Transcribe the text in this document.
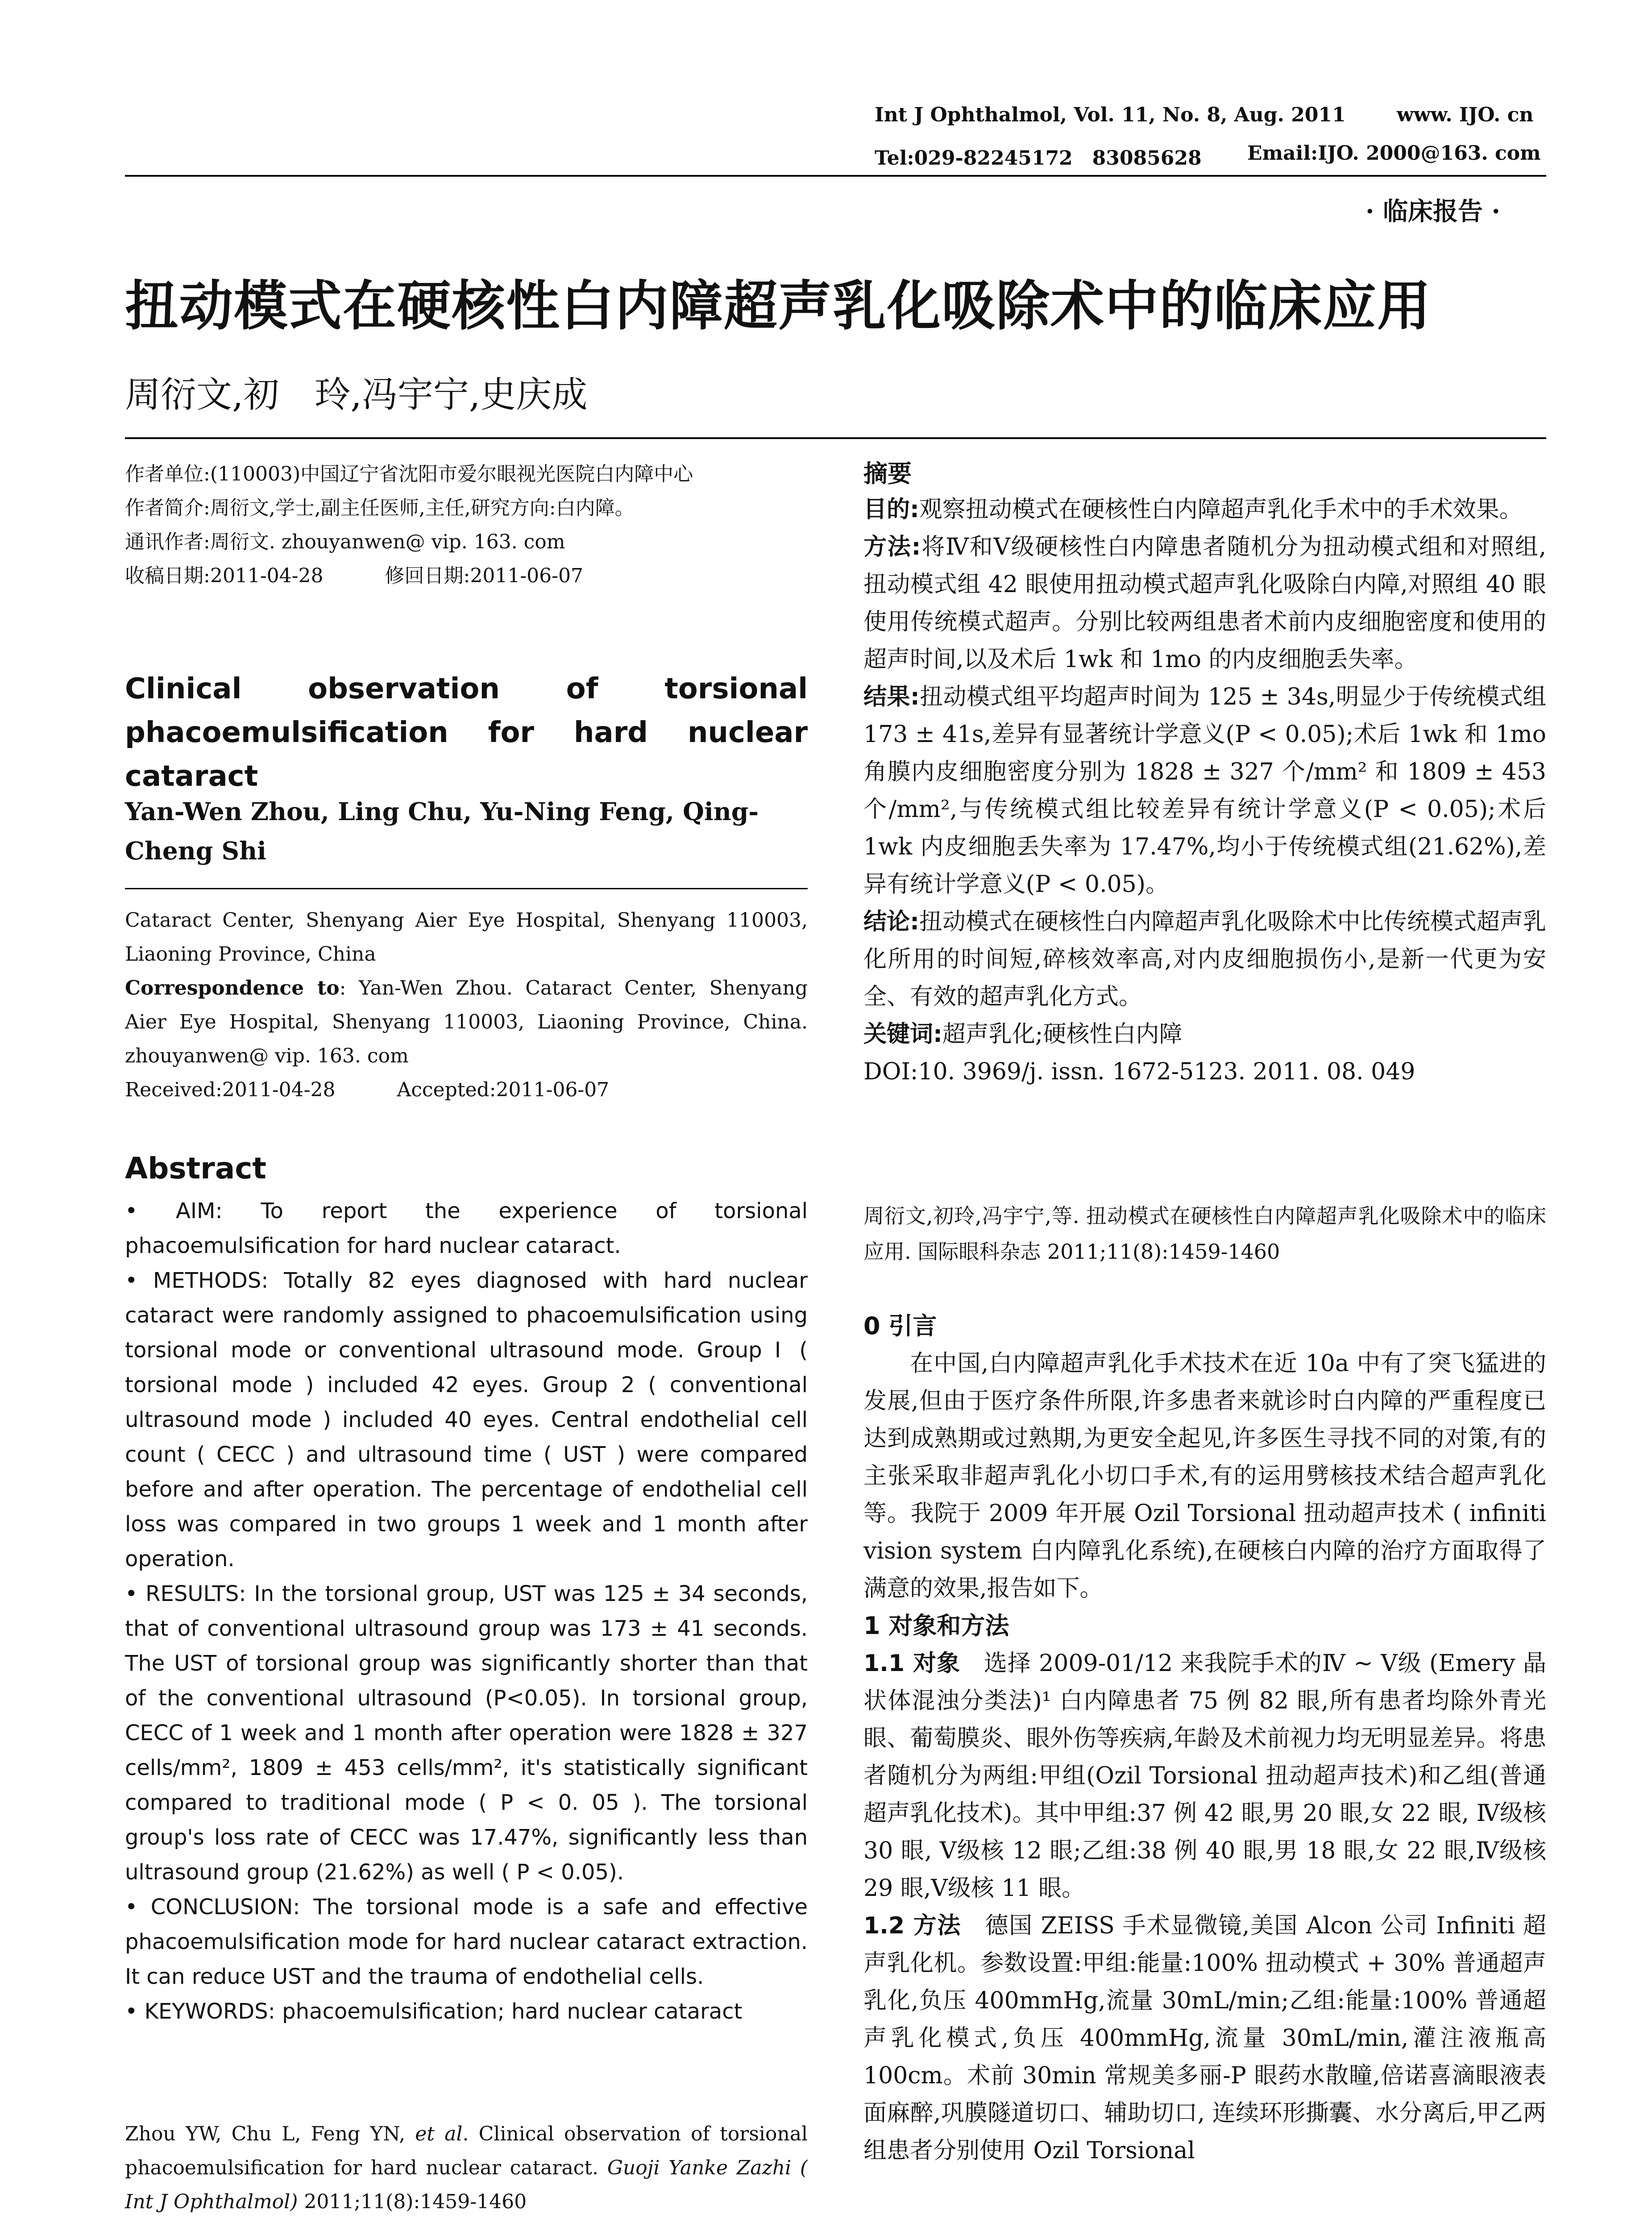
Int J Ophthalmol, Vol. 11, No. 8, Aug. 2011	www. IJO. cn
Tel:029-82245172　83085628 Email:IJO. 2000@163. com
· 临床报告 ·
扭动模式在硬核性白内障超声乳化吸除术中的临床应用
周衍文,初　玲,冯宇宁,史庆成
作者单位:(110003)中国辽宁省沈阳市爱尔眼视光医院白内障中心
作者简介:周衍文,学士,副主任医师,主任,研究方向:白内障。
通讯作者:周衍文. zhouyanwen@ vip. 163. com
收稿日期:2011-04-28	修回日期:2011-06-07
Clinical observation of torsional phacoemulsification for hard nuclear cataract
Yan-Wen Zhou, Ling Chu, Yu-Ning Feng, Qing-Cheng Shi
Cataract Center, Shenyang Aier Eye Hospital, Shenyang 110003, Liaoning Province, China
Correspondence to: Yan-Wen Zhou. Cataract Center, Shenyang Aier Eye Hospital, Shenyang 110003, Liaoning Province, China. zhouyanwen@ vip. 163. com
Received:2011-04-28	Accepted:2011-06-07
Abstract

• AIM: To report the experience of torsional phacoemulsification for hard nuclear cataract.

• METHODS: Totally 82 eyes diagnosed with hard nuclear cataract were randomly assigned to phacoemulsification using torsional mode or conventional ultrasound mode. Group Ⅰ ( torsional mode ) included 42 eyes. Group 2 ( conventional ultrasound mode ) included 40 eyes. Central endothelial cell count ( CECC ) and ultrasound time ( UST ) were compared before and after operation. The percentage of endothelial cell loss was compared in two groups 1 week and 1 month after operation.

• RESULTS: In the torsional group, UST was 125 ± 34 seconds, that of conventional ultrasound group was 173 ± 41 seconds. The UST of torsional group was significantly shorter than that of the conventional ultrasound (P<0.05). In torsional group, CECC of 1 week and 1 month after operation were 1828 ± 327 cells/mm², 1809 ± 453 cells/mm², it's statistically significant compared to traditional mode ( P < 0. 05 ). The torsional group's loss rate of CECC was 17.47%, significantly less than ultrasound group (21.62%) as well ( P < 0.05).

• CONCLUSION: The torsional mode is a safe and effective phacoemulsification mode for hard nuclear cataract extraction. It can reduce UST and the trauma of endothelial cells.

• KEYWORDS: phacoemulsification; hard nuclear cataract

Zhou YW, Chu L, Feng YN, et al. Clinical observation of torsional phacoemulsification for hard nuclear cataract. Guoji Yanke Zazhi ( Int J Ophthalmol) 2011;11(8):1459-1460
摘要

目的:观察扭动模式在硬核性白内障超声乳化手术中的手术效果。

方法:将Ⅳ和Ⅴ级硬核性白内障患者随机分为扭动模式组和对照组,扭动模式组 42 眼使用扭动模式超声乳化吸除白内障,对照组 40 眼使用传统模式超声。分别比较两组患者术前内皮细胞密度和使用的超声时间,以及术后 1wk 和 1mo 的内皮细胞丢失率。

结果:扭动模式组平均超声时间为 125 ± 34s,明显少于传统模式组 173 ± 41s,差异有显著统计学意义(P < 0.05);术后 1wk 和 1mo 角膜内皮细胞密度分别为 1828 ± 327 个/mm² 和 1809 ± 453 个/mm²,与传统模式组比较差异有统计学意义(P < 0.05);术后 1wk 内皮细胞丢失率为 17.47%,均小于传统模式组(21.62%),差异有统计学意义(P < 0.05)。

结论:扭动模式在硬核性白内障超声乳化吸除术中比传统模式超声乳化所用的时间短,碎核效率高,对内皮细胞损伤小,是新一代更为安全、有效的超声乳化方式。

关键词:超声乳化;硬核性白内障

DOI:10. 3969/j. issn. 1672-5123. 2011. 08. 049

周衍文,初玲,冯宇宁,等. 扭动模式在硬核性白内障超声乳化吸除术中的临床应用. 国际眼科杂志 2011;11(8):1459-1460
0 引言

在中国,白内障超声乳化手术技术在近 10a 中有了突飞猛进的发展,但由于医疗条件所限,许多患者来就诊时白内障的严重程度已达到成熟期或过熟期,为更安全起见,许多医生寻找不同的对策,有的主张采取非超声乳化小切口手术,有的运用劈核技术结合超声乳化等。我院于 2009 年开展 Ozil Torsional 扭动超声技术 ( infiniti vision system 白内障乳化系统),在硬核白内障的治疗方面取得了满意的效果,报告如下。

1 对象和方法

1.1 对象　选择 2009-01/12 来我院手术的Ⅳ ~ Ⅴ级 (Emery 晶状体混浊分类法)¹ 白内障患者 75 例 82 眼,所有患者均除外青光眼、葡萄膜炎、眼外伤等疾病,年龄及术前视力均无明显差异。将患者随机分为两组:甲组(Ozil Torsional 扭动超声技术)和乙组(普通超声乳化技术)。其中甲组:37 例 42 眼,男 20 眼,女 22 眼, Ⅳ级核 30 眼, Ⅴ级核 12 眼;乙组:38 例 40 眼,男 18 眼,女 22 眼,Ⅳ级核 29 眼,Ⅴ级核 11 眼。

1.2 方法　德国 ZEISS 手术显微镜,美国 Alcon 公司 Infiniti 超声乳化机。参数设置:甲组:能量:100% 扭动模式 + 30% 普通超声乳化,负压 400mmHg,流量 30mL/min;乙组:能量:100% 普通超声乳化模式,负压 400mmHg,流量 30mL/min,灌注液瓶高 100cm。术前 30min 常规美多丽-P 眼药水散瞳,倍诺喜滴眼液表面麻醉,巩膜隧道切口、辅助切口, 连续环形撕囊、水分离后,甲乙两组患者分别使用 Ozil Torsional
